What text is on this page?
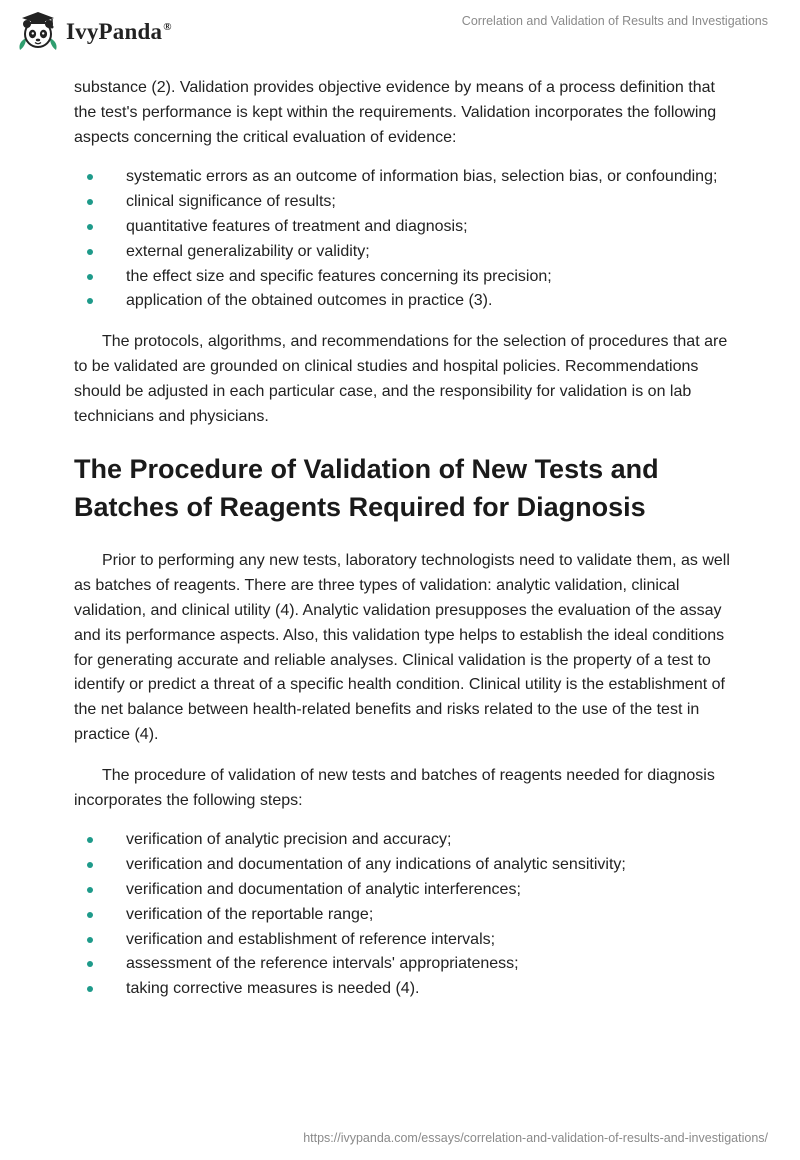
IvyPanda®	Correlation and Validation of Results and Investigations

substance (2). Validation provides objective evidence by means of a process definition that the test's performance is kept within the requirements. Validation incorporates the following aspects concerning the critical evaluation of evidence:

systematic errors as an outcome of information bias, selection bias, or confounding;
clinical significance of results;
quantitative features of treatment and diagnosis;
external generalizability or validity;
the effect size and specific features concerning its precision;
application of the obtained outcomes in practice (3).

The protocols, algorithms, and recommendations for the selection of procedures that are to be validated are grounded on clinical studies and hospital policies. Recommendations should be adjusted in each particular case, and the responsibility for validation is on lab technicians and physicians.

The Procedure of Validation of New Tests and Batches of Reagents Required for Diagnosis

Prior to performing any new tests, laboratory technologists need to validate them, as well as batches of reagents. There are three types of validation: analytic validation, clinical validation, and clinical utility (4). Analytic validation presupposes the evaluation of the assay and its performance aspects. Also, this validation type helps to establish the ideal conditions for generating accurate and reliable analyses. Clinical validation is the property of a test to identify or predict a threat of a specific health condition. Clinical utility is the establishment of the net balance between health-related benefits and risks related to the use of the test in practice (4).

The procedure of validation of new tests and batches of reagents needed for diagnosis incorporates the following steps:

verification of analytic precision and accuracy;
verification and documentation of any indications of analytic sensitivity;
verification and documentation of analytic interferences;
verification of the reportable range;
verification and establishment of reference intervals;
assessment of the reference intervals' appropriateness;
taking corrective measures is needed (4).
https://ivypanda.com/essays/correlation-and-validation-of-results-and-investigations/
